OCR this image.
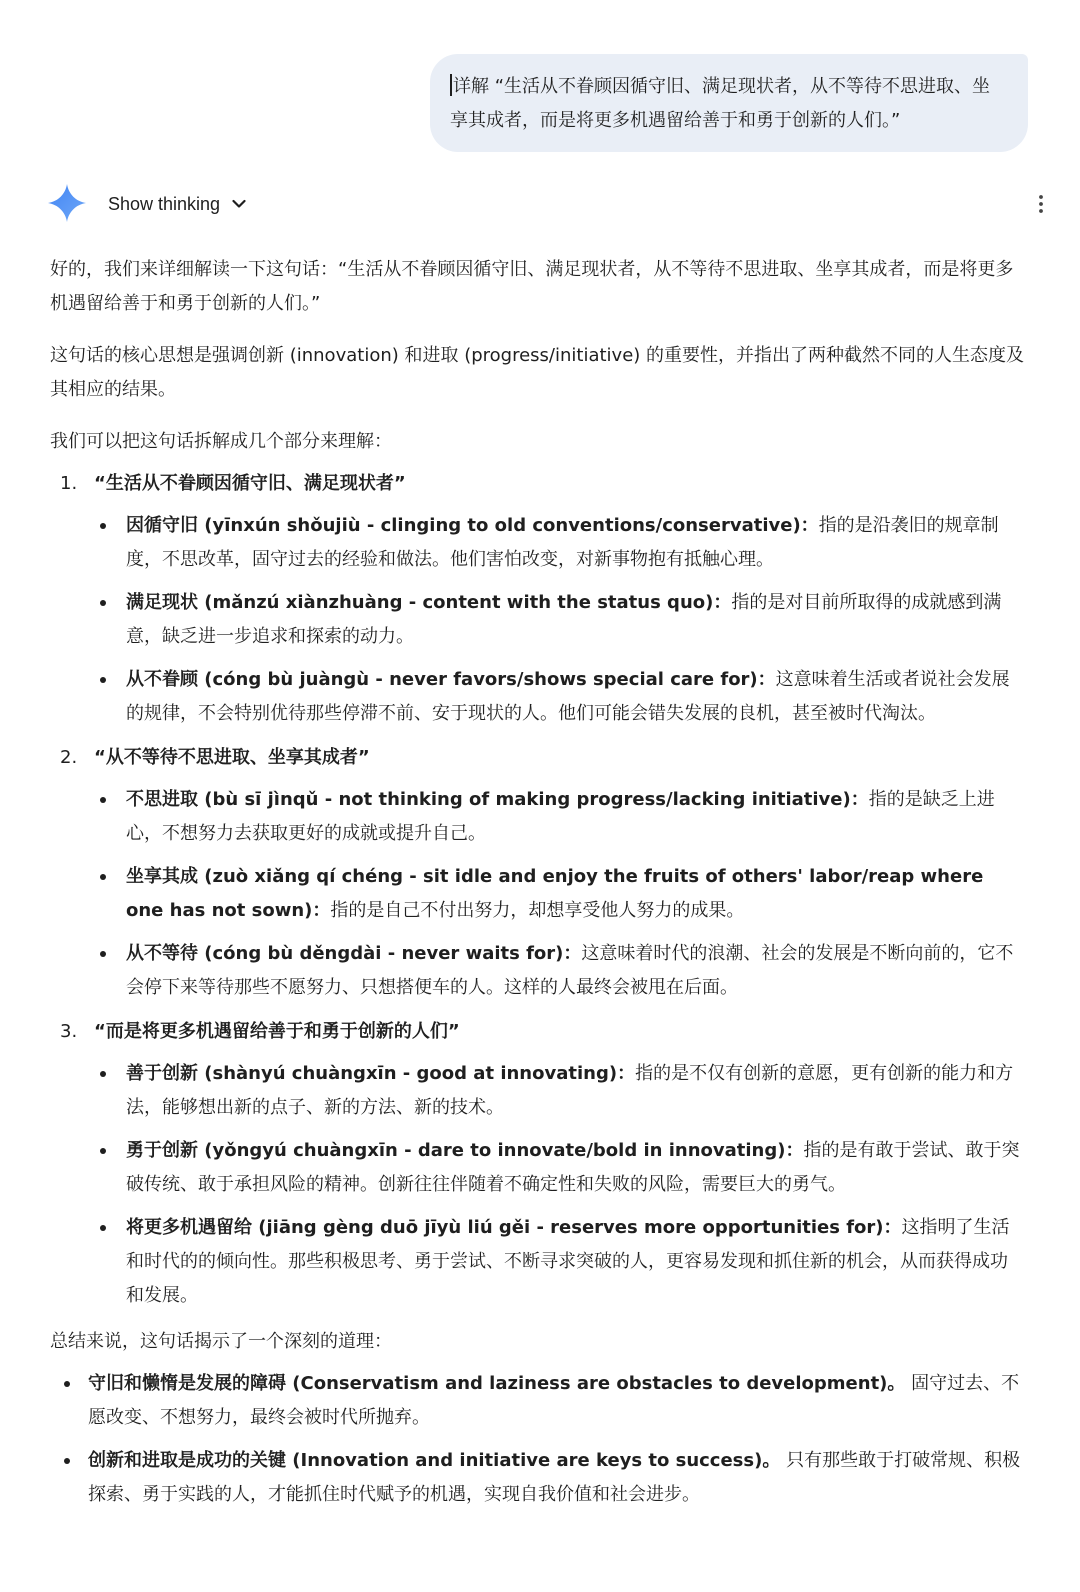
详解 “生活从不眷顾因循守旧、满足现状者，从不等待不思进取、坐享其成者，而是将更多机遇留给善于和勇于创新的人们。”
Show thinking

好的，我们来详细解读一下这句话：“生活从不眷顾因循守旧、满足现状者，从不等待不思进取、坐享其成者，而是将更多机遇留给善于和勇于创新的人们。”

这句话的核心思想是强调创新 (innovation) 和进取 (progress/initiative) 的重要性，并指出了两种截然不同的人生态度及其相应的结果。

我们可以把这句话拆解成几个部分来理解：

1. “生活从不眷顾因循守旧、满足现状者”
因循守旧 (yīnxún shǒujiù - clinging to old conventions/conservative)：指的是沿袭旧的规章制度，不思改革，固守过去的经验和做法。他们害怕改变，对新事物抱有抵触心理。
满足现状 (mǎnzú xiànzhuàng - content with the status quo)：指的是对目前所取得的成就感到满意，缺乏进一步追求和探索的动力。
从不眷顾 (cóng bù juàngù - never favors/shows special care for)：这意味着生活或者说社会发展的规律，不会特别优待那些停滞不前、安于现状的人。他们可能会错失发展的良机，甚至被时代淘汰。
2. “从不等待不思进取、坐享其成者”
不思进取 (bù sī jìnqǔ - not thinking of making progress/lacking initiative)：指的是缺乏上进心，不想努力去获取更好的成就或提升自己。
坐享其成 (zuò xiǎng qí chéng - sit idle and enjoy the fruits of others' labor/reap where one has not sown)：指的是自己不付出努力，却想享受他人努力的成果。
从不等待 (cóng bù děngdài - never waits for)：这意味着时代的浪潮、社会的发展是不断向前的，它不会停下来等待那些不愿努力、只想搭便车的人。这样的人最终会被甩在后面。
3. “而是将更多机遇留给善于和勇于创新的人们”
善于创新 (shànyú chuàngxīn - good at innovating)：指的是不仅有创新的意愿，更有创新的能力和方法，能够想出新的点子、新的方法、新的技术。
勇于创新 (yǒngyú chuàngxīn - dare to innovate/bold in innovating)：指的是有敢于尝试、敢于突破传统、敢于承担风险的精神。创新往往伴随着不确定性和失败的风险，需要巨大的勇气。
将更多机遇留给 (jiāng gèng duō jīyù liú gěi - reserves more opportunities for)：这指明了生活和时代的的倾向性。那些积极思考、勇于尝试、不断寻求突破的人，更容易发现和抓住新的机会，从而获得成功和发展。

总结来说，这句话揭示了一个深刻的道理：

守旧和懒惰是发展的障碍 (Conservatism and laziness are obstacles to development)。 固守过去、不愿改变、不想努力，最终会被时代所抛弃。
创新和进取是成功的关键 (Innovation and initiative are keys to success)。 只有那些敢于打破常规、积极探索、勇于实践的人，才能抓住时代赋予的机遇，实现自我价值和社会进步。
